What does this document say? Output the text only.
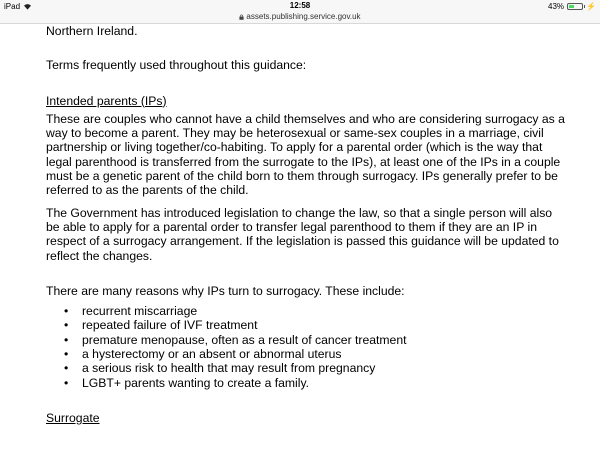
iPad	12:58
assets.publishing.service.gov.uk
43%	⚡

Northern Ireland.

Terms frequently used throughout this guidance:

Intended parents (IPs)

These are couples who cannot have a child themselves and who are considering surrogacy as a way to become a parent. They may be heterosexual or same-sex couples in a marriage, civil partnership or living together/co-habiting. To apply for a parental order (which is the way that legal parenthood is transferred from the surrogate to the IPs), at least one of the IPs in a couple must be a genetic parent of the child born to them through surrogacy. IPs generally prefer to be referred to as the parents of the child.

The Government has introduced legislation to change the law, so that a single person will also be able to apply for a parental order to transfer legal parenthood to them if they are an IP in respect of a surrogacy arrangement. If the legislation is passed this guidance will be updated to reflect the changes.

There are many reasons why IPs turn to surrogacy. These include:

• recurrent miscarriage
• repeated failure of IVF treatment
• premature menopause, often as a result of cancer treatment
• a hysterectomy or an absent or abnormal uterus
• a serious risk to health that may result from pregnancy
• LGBT+ parents wanting to create a family.

Surrogate
